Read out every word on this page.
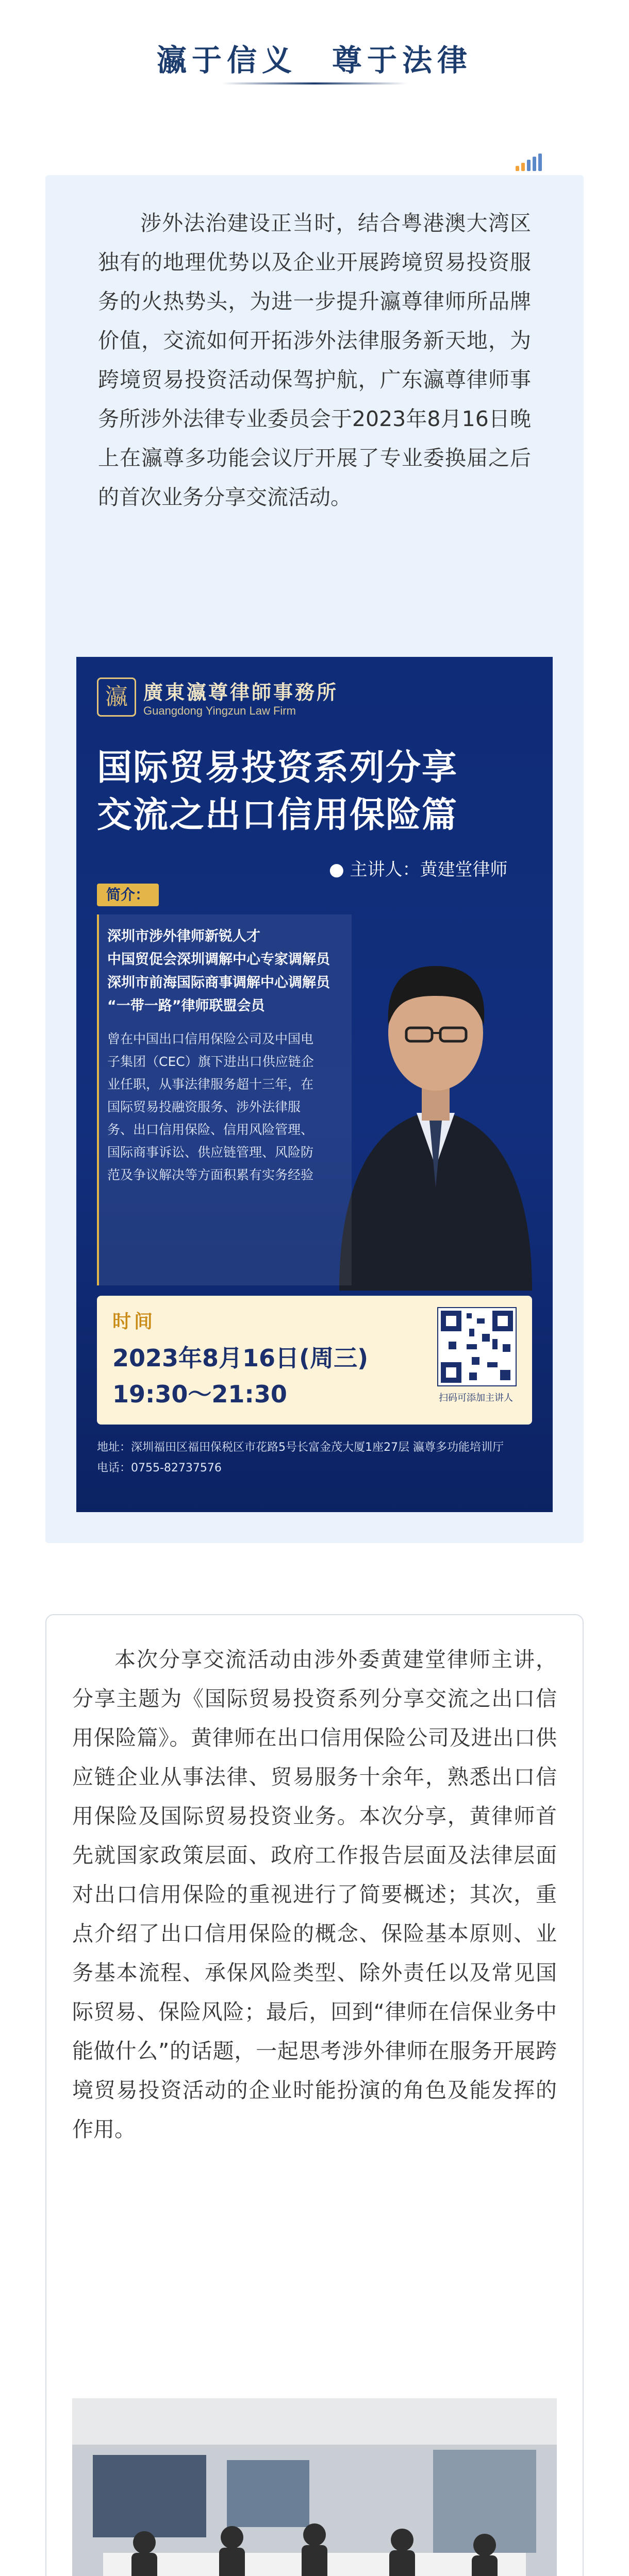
瀛于信义　尊于法律

涉外法治建设正当时，结合粤港澳大湾区独有的地理优势以及企业开展跨境贸易投资服务的火热势头，为进一步提升瀛尊律师所品牌价值，交流如何开拓涉外法律服务新天地，为跨境贸易投资活动保驾护航，广东瀛尊律师事务所涉外法律专业委员会于2023年8月16日晚上在瀛尊多功能会议厅开展了专业委换届之后的首次业务分享交流活动。

瀛 廣東瀛尊律師事務所
Guangdong Yingzun Law Firm
国际贸易投资系列分享
交流之出口信用保险篇
● 主讲人：黄建堂律师
简介：
深圳市涉外律师新锐人才
中国贸促会深圳调解中心专家调解员
深圳市前海国际商事调解中心调解员
“一带一路”律师联盟会员

曾在中国出口信用保险公司及中国电子集团（CEC）旗下进出口供应链企业任职，从事法律服务超十三年，在国际贸易投融资服务、涉外法律服务、出口信用保险、信用风险管理、国际商事诉讼、供应链管理、风险防范及争议解决等方面积累有实务经验

时间
2023年8月16日(周三)
19:30～21:30	扫码可添加主讲人
地址：深圳福田区福田保税区市花路5号长富金茂大厦1座27层 瀛尊多功能培训厅
电话：0755-82737576

本次分享交流活动由涉外委黄建堂律师主讲，分享主题为《国际贸易投资系列分享交流之出口信用保险篇》。黄律师在出口信用保险公司及进出口供应链企业从事法律、贸易服务十余年，熟悉出口信用保险及国际贸易投资业务。本次分享，黄律师首先就国家政策层面、政府工作报告层面及法律层面对出口信用保险的重视进行了简要概述；其次，重点介绍了出口信用保险的概念、保险基本原则、业务基本流程、承保风险类型、除外责任以及常见国际贸易、保险风险；最后，回到“律师在信保业务中能做什么”的话题，一起思考涉外律师在服务开展跨境贸易投资活动的企业时能扮演的角色及能发挥的作用。
